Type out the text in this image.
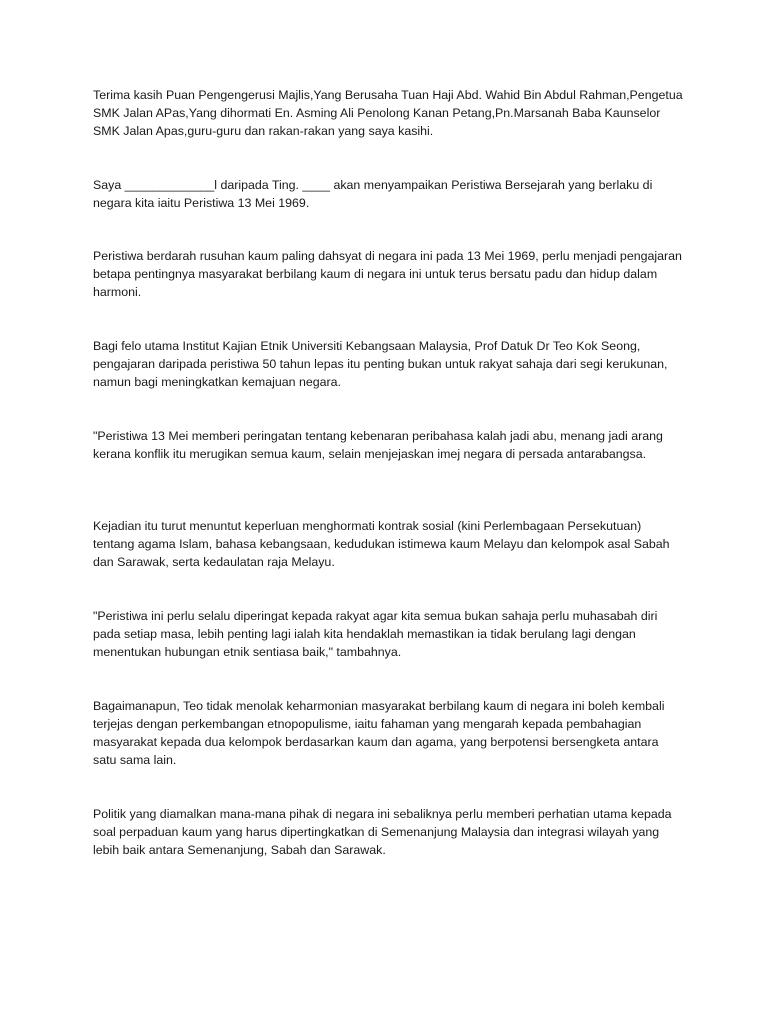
Terima kasih Puan Pengengerusi Majlis,Yang Berusaha Tuan Haji Abd. Wahid Bin Abdul Rahman,Pengetua SMK Jalan APas,Yang dihormati En. Asming Ali Penolong Kanan Petang,Pn.Marsanah Baba Kaunselor SMK Jalan Apas,guru-guru dan rakan-rakan yang saya kasihi.

Saya _____________l daripada Ting. ____ akan menyampaikan Peristiwa Bersejarah yang berlaku di negara kita iaitu Peristiwa 13 Mei 1969.

Peristiwa berdarah rusuhan kaum paling dahsyat di negara ini pada 13 Mei 1969, perlu menjadi pengajaran betapa pentingnya masyarakat berbilang kaum di negara ini untuk terus bersatu padu dan hidup dalam harmoni.

Bagi felo utama Institut Kajian Etnik Universiti Kebangsaan Malaysia, Prof Datuk Dr Teo Kok Seong, pengajaran daripada peristiwa 50 tahun lepas itu penting bukan untuk rakyat sahaja dari segi kerukunan, namun bagi meningkatkan kemajuan negara.

"Peristiwa 13 Mei memberi peringatan tentang kebenaran peribahasa kalah jadi abu, menang jadi arang kerana konflik itu merugikan semua kaum, selain menjejaskan imej negara di persada antarabangsa.

Kejadian itu turut menuntut keperluan menghormati kontrak sosial (kini Perlembagaan Persekutuan) tentang agama Islam, bahasa kebangsaan, kedudukan istimewa kaum Melayu dan kelompok asal Sabah dan Sarawak, serta kedaulatan raja Melayu.

"Peristiwa ini perlu selalu diperingat kepada rakyat agar kita semua bukan sahaja perlu muhasabah diri pada setiap masa, lebih penting lagi ialah kita hendaklah memastikan ia tidak berulang lagi dengan menentukan hubungan etnik sentiasa baik," tambahnya.

Bagaimanapun, Teo tidak menolak keharmonian masyarakat berbilang kaum di negara ini boleh kembali terjejas dengan perkembangan etnopopulisme, iaitu fahaman yang mengarah kepada pembahagian masyarakat kepada dua kelompok berdasarkan kaum dan agama, yang berpotensi bersengketa antara satu sama lain.

Politik yang diamalkan mana-mana pihak di negara ini sebaliknya perlu memberi perhatian utama kepada soal perpaduan kaum yang harus dipertingkatkan di Semenanjung Malaysia dan integrasi wilayah yang lebih baik antara Semenanjung, Sabah dan Sarawak.
